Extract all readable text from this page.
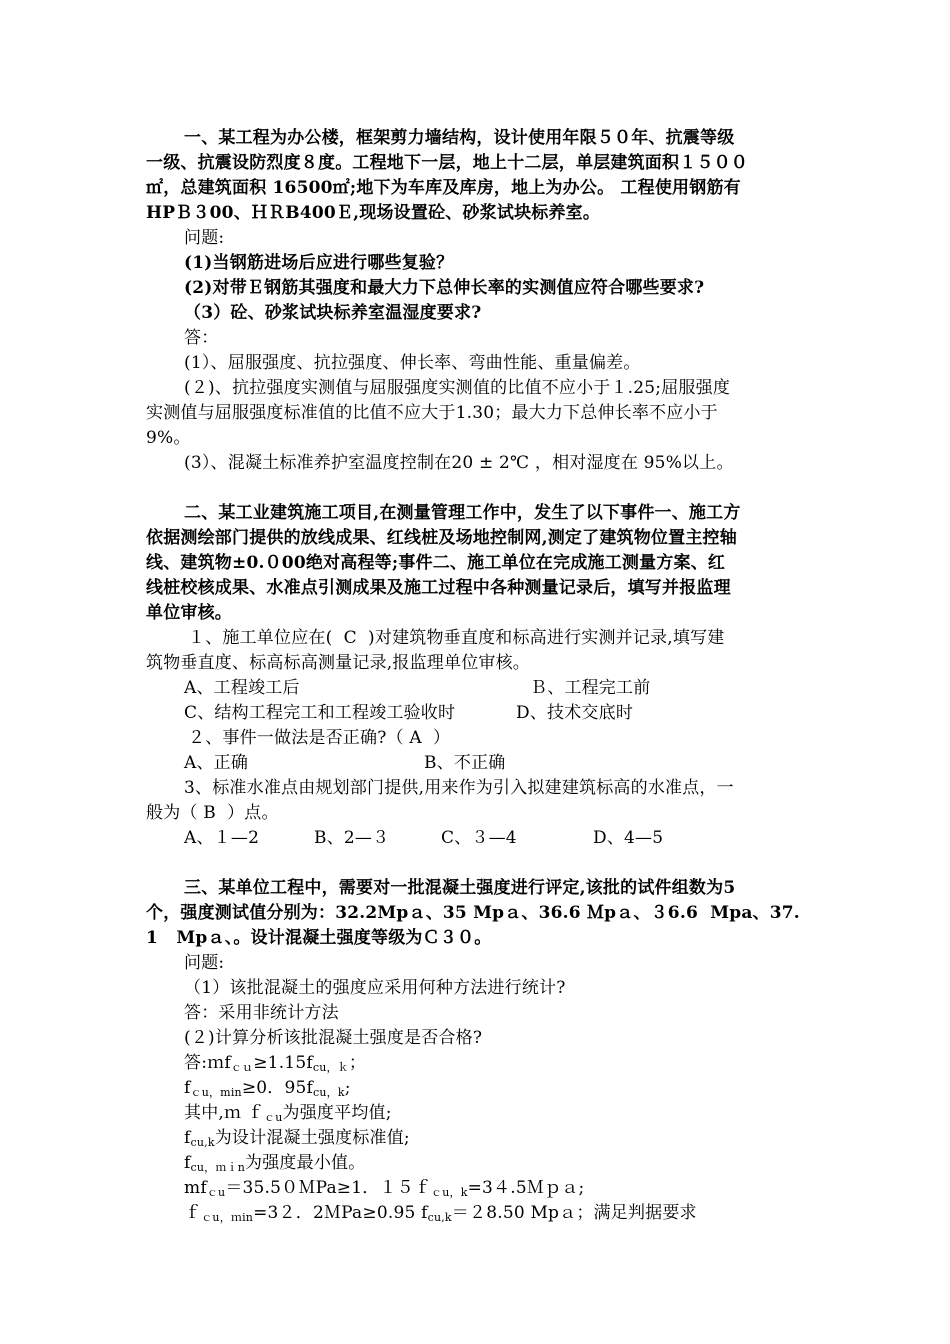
一、某工程为办公楼，框架剪力墙结构，设计使用年限５０年、抗震等级
一级、抗震设防烈度８度。工程地下一层，地上十二层，单层建筑面积１５００
㎡，总建筑面积 16500㎡;地下为车库及库房，地上为办公。 工程使用钢筋有
HPＢ３00、ＨＲB400Ｅ,现场设置砼、砂浆试块标养室。
问题:
(1)当钢筋进场后应进行哪些复验？
(2)对带Ｅ钢筋其强度和最大力下总伸长率的实测值应符合哪些要求?
（3）砼、砂浆试块标养室温湿度要求?
答：
(1）、屈服强度、抗拉强度、伸长率、弯曲性能、重量偏差。
(２)、抗拉强度实测值与屈服强度实测值的比值不应小于１.25;屈服强度
实测值与屈服强度标准值的比值不应大于1.30；最大力下总伸长率不应小于
9%。
(3）、混凝土标准养护室温度控制在20 ± 2℃ ，相对湿度在 95%以上。
二、某工业建筑施工项目,在测量管理工作中，发生了以下事件一、施工方
依据测绘部门提供的放线成果、红线桩及场地控制网,测定了建筑物位置主控轴
线、建筑物±0.０00绝对高程等;事件二、施工单位在完成施工测量方案、红
线桩校核成果、水准点引测成果及施工过程中各种测量记录后，填写并报监理
单位审核。
１、施工单位应在(  C  )对建筑物垂直度和标高进行实测并记录,填写建
筑物垂直度、标高标高测量记录,报监理单位审核。
A、工程竣工后	Ｂ、工程完工前
C、结构工程完工和工程竣工验收时	D、技术交底时
２、事件一做法是否正确?（ A  ）
A、正确	B、不正确
3、标准水准点由规划部门提供,用来作为引入拟建建筑标高的水准点，一
般为（ B  ）点。
A、１—2	B、2—３	C、３—4	D、4—5
三、某单位工程中，需要对一批混凝土强度进行评定,该批的试件组数为5
个，强度测试值分别为：32.2Mpａ、35 Mpａ、36.6 Ｍpａ、３6.6  Mpa、37.
1   Mpａ、。设计混凝土强度等级为Ｃ３０。
问题:
（1）该批混凝土的强度应采用何种方法进行统计?
答：采用非统计方法
(２)计算分析该批混凝土强度是否合格?
答$:mf_{cu}\ge 1.15f_{cu,k}$；
$f_{cu,min}\ge 0$．$95f_{cu,k}$;
其中,ｍ ｆ$_{cu}$为强度平均值;
$f_{cu,k}$为设计混凝土强度标准值;
$f_{cu,min}$为强度最小值。
$mf_{cu}=35.50MPa\ge 1$．１５ｆ$_{cu,k}$=3４.5Ｍｐａ;
ｆ$_{cu,min}$=3２．2ＭPa≥0.95 $f_{cu,k}=28.50$ Mpａ；满足判据要求
